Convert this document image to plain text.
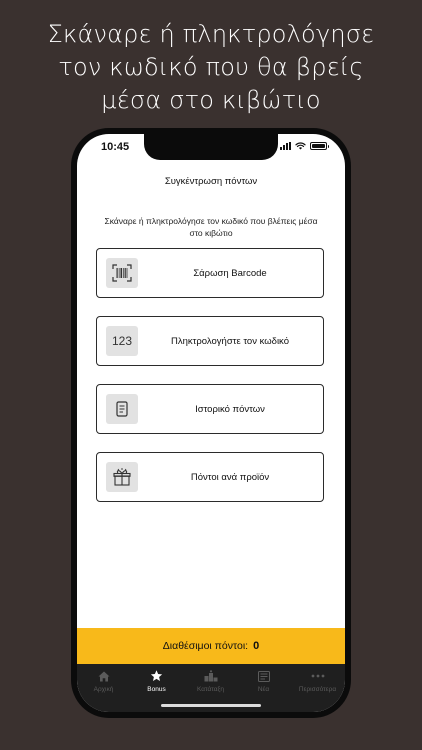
Σκάναρε ή πληκτρολόγησε
τον κωδικό που θα βρείς
μέσα στο κιβώτιο
10:45
Συγκέντρωση πόντων
Σκάναρε ή πληκτρολόγησε τον κωδικό που βλέπεις μέσα στο κιβώτιο
Σάρωση Barcode
123	Πληκτρολογήστε τον κωδικό
Ιστορικό πόντων
Πόντοι ανά προϊόν
Διαθέσιμοι πόντοι: 0
Αρχική	Bonus	Κατάταξη	Νέα	Περισσότερα
